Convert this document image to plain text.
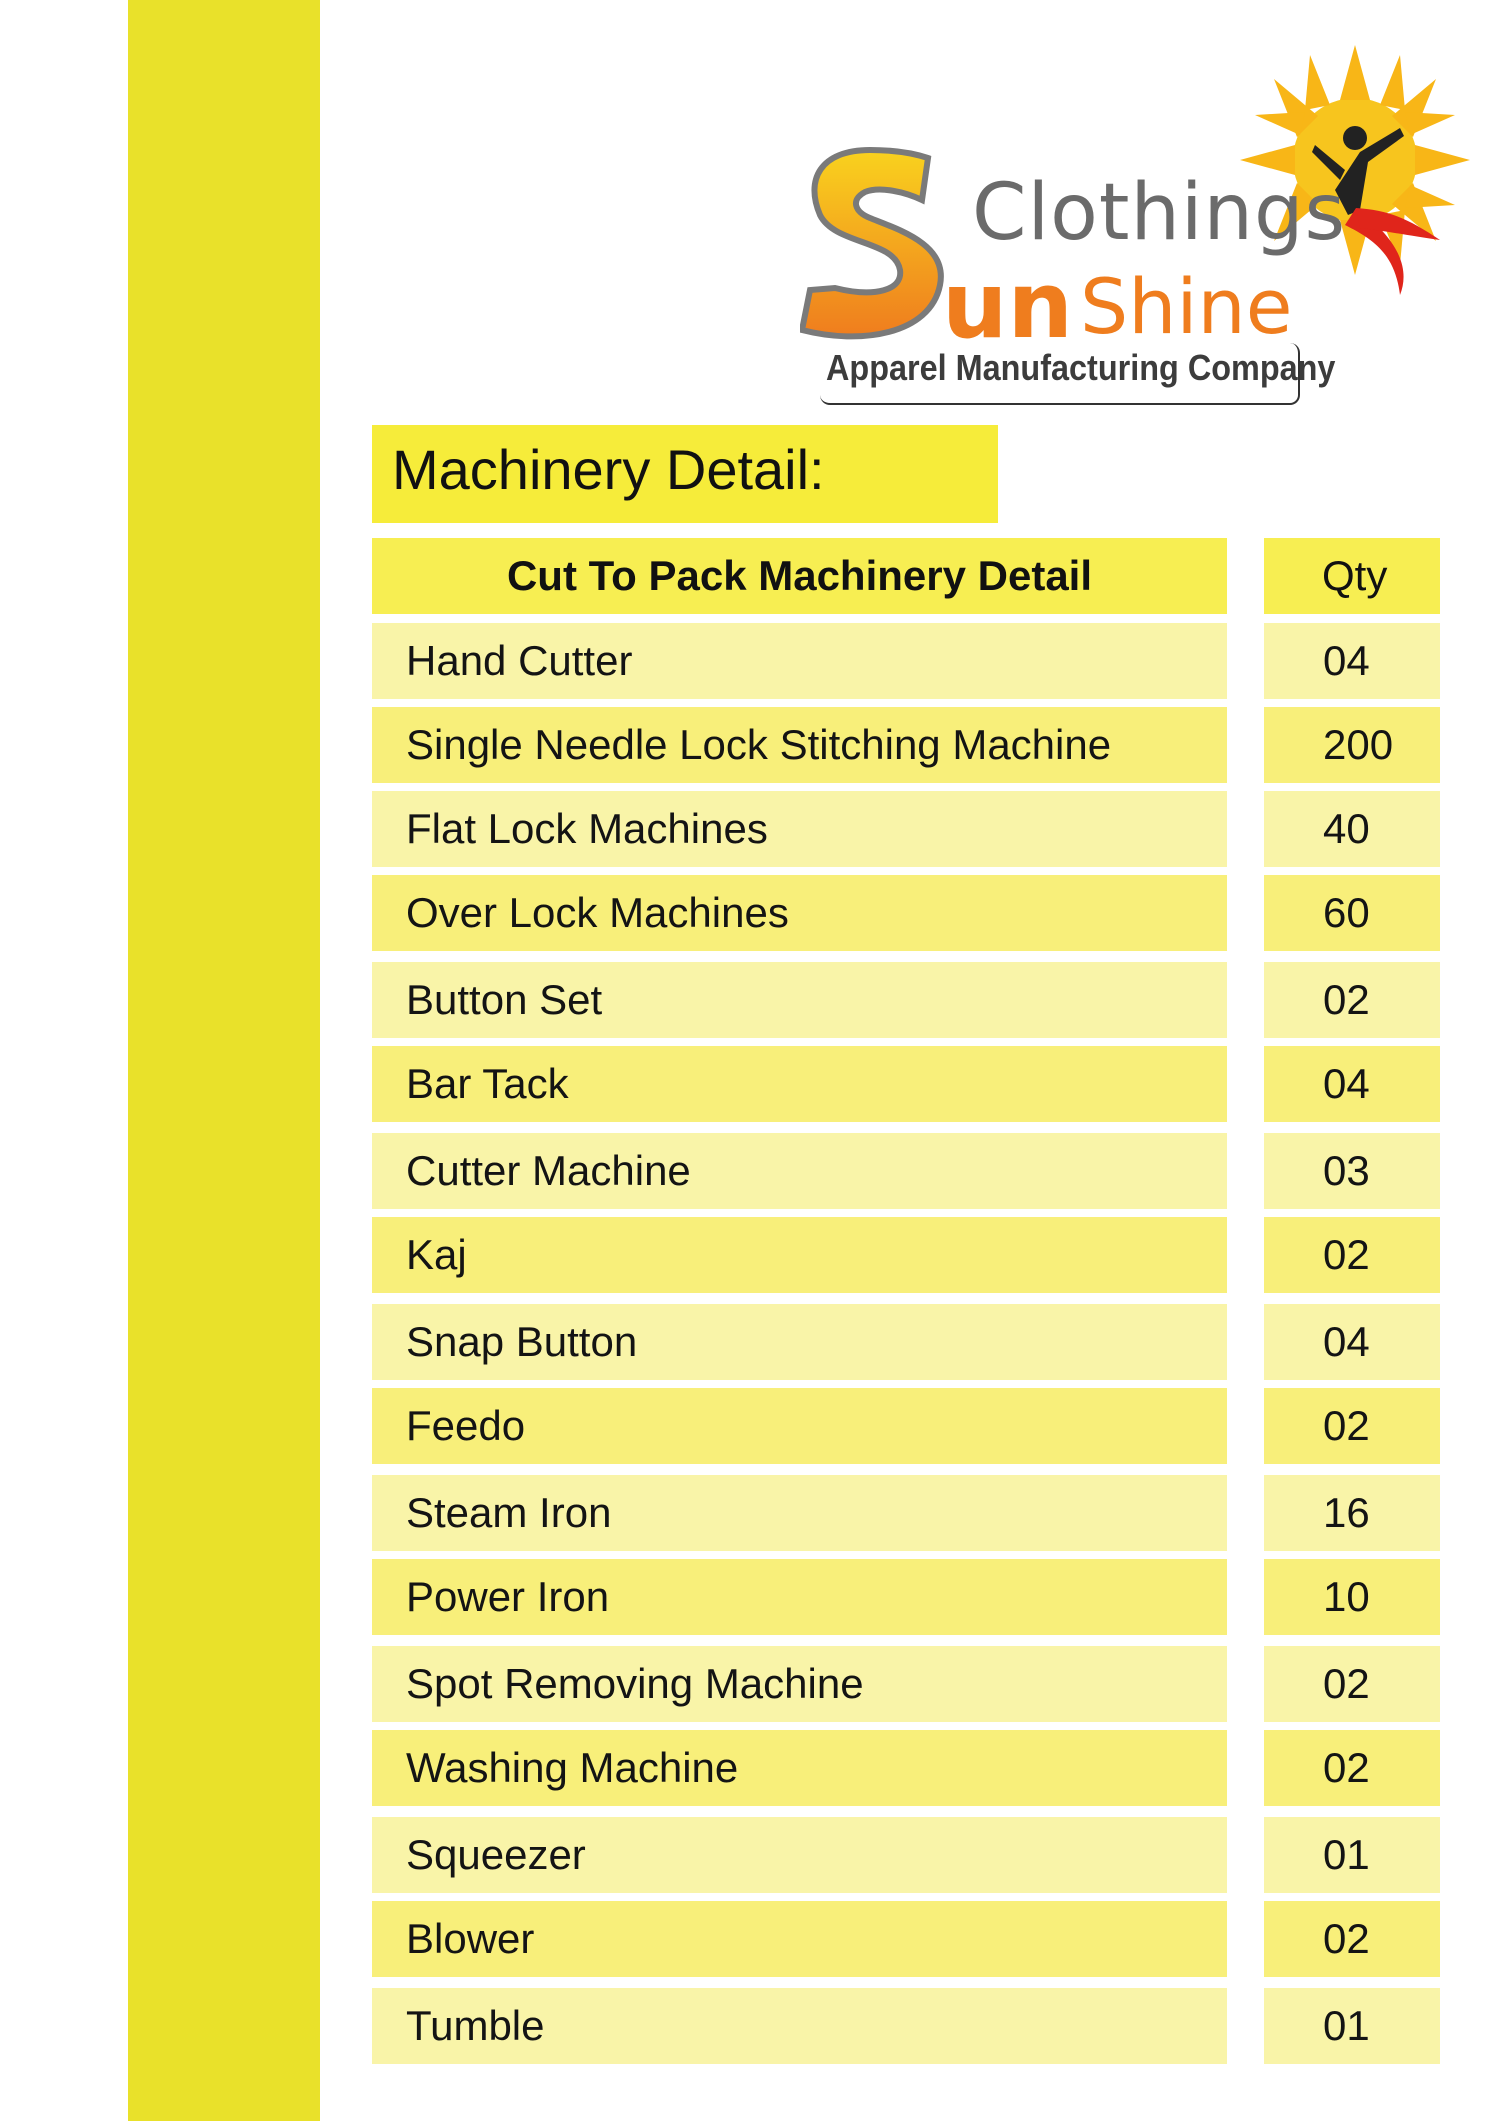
Clothings
un Shine
Apparel Manufacturing Company
Machinery Detail:
Cut To Pack Machinery Detail	Qty
Hand Cutter	04
Single Needle Lock Stitching Machine	200
Flat Lock Machines	40
Over Lock Machines	60
Button Set	02
Bar Tack	04
Cutter Machine	03
Kaj	02
Snap Button	04
Feedo	02
Steam Iron	16
Power Iron	10
Spot Removing Machine	02
Washing Machine	02
Squeezer	01
Blower	02
Tumble	01
